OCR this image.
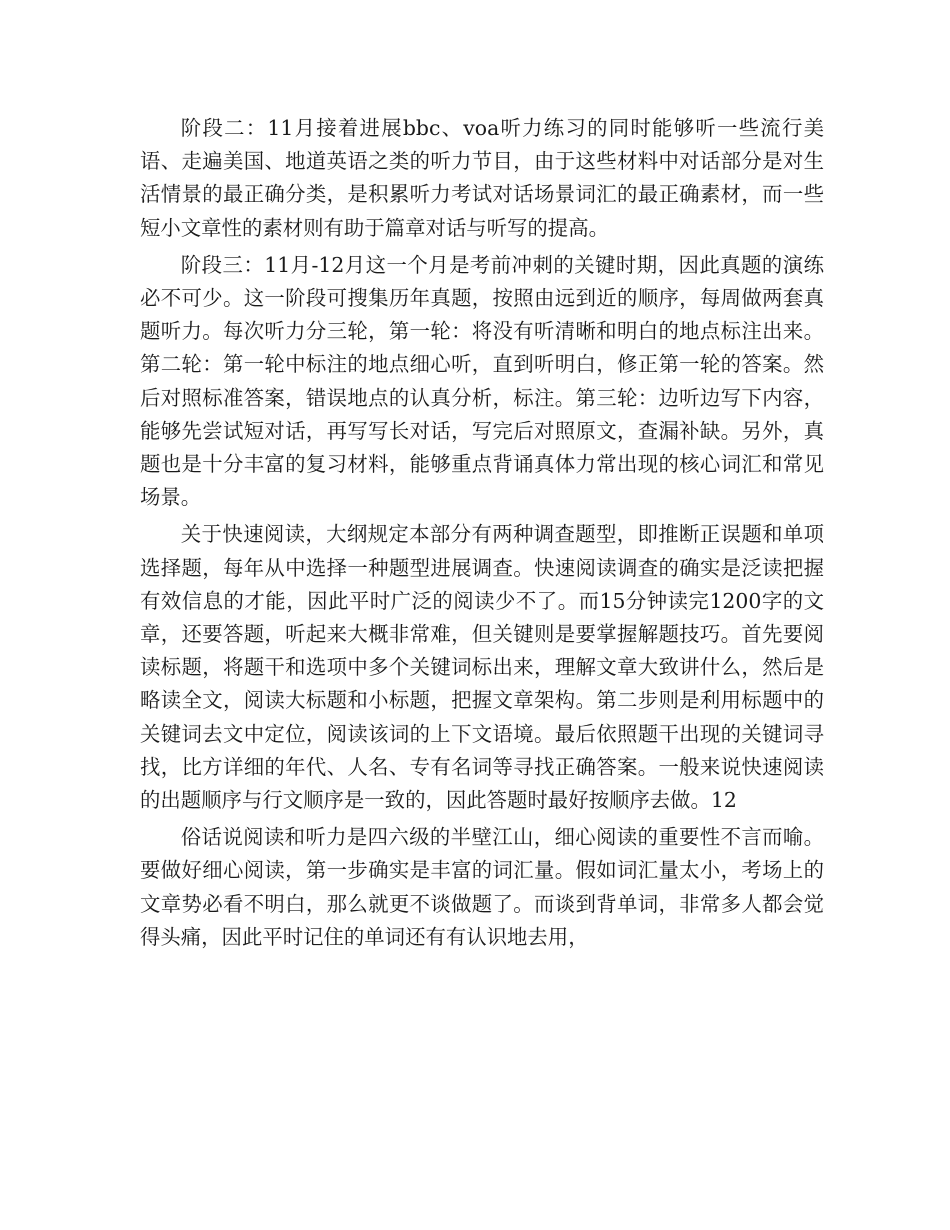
阶段二：11月接着进展bbc、voa听力练习的同时能够听一些流行美语、走遍美国、地道英语之类的听力节目，由于这些材料中对话部分是对生活情景的最正确分类，是积累听力考试对话场景词汇的最正确素材，而一些短小文章性的素材则有助于篇章对话与听写的提高。

阶段三：11月-12月这一个月是考前冲刺的关键时期，因此真题的演练必不可少。这一阶段可搜集历年真题，按照由远到近的顺序，每周做两套真题听力。每次听力分三轮，第一轮：将没有听清晰和明白的地点标注出来。第二轮：第一轮中标注的地点细心听，直到听明白，修正第一轮的答案。然后对照标准答案，错误地点的认真分析，标注。第三轮：边听边写下内容，能够先尝试短对话，再写写长对话，写完后对照原文，查漏补缺。另外，真题也是十分丰富的复习材料，能够重点背诵真体力常出现的核心词汇和常见场景。

关于快速阅读，大纲规定本部分有两种调查题型，即推断正误题和单项选择题，每年从中选择一种题型进展调查。快速阅读调查的确实是泛读把握有效信息的才能，因此平时广泛的阅读少不了。而15分钟读完1200字的文章，还要答题，听起来大概非常难，但关键则是要掌握解题技巧。首先要阅读标题，将题干和选项中多个关键词标出来，理解文章大致讲什么，然后是略读全文，阅读大标题和小标题，把握文章架构。第二步则是利用标题中的关键词去文中定位，阅读该词的上下文语境。最后依照题干出现的关键词寻找，比方详细的年代、人名、专有名词等寻找正确答案。一般来说快速阅读的出题顺序与行文顺序是一致的，因此答题时最好按顺序去做。12

俗话说阅读和听力是四六级的半壁江山，细心阅读的重要性不言而喻。要做好细心阅读，第一步确实是丰富的词汇量。假如词汇量太小，考场上的文章势必看不明白，那么就更不谈做题了。而谈到背单词，非常多人都会觉得头痛，因此平时记住的单词还有有认识地去用，
